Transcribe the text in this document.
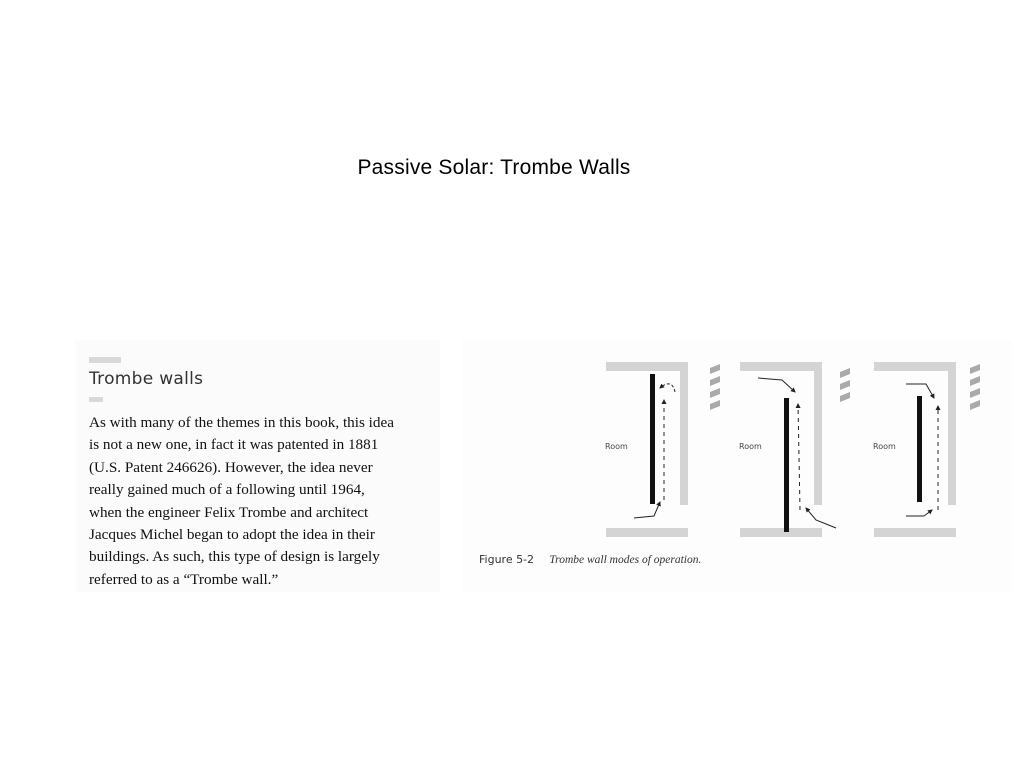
Passive Solar: Trombe Walls
Trombe walls
As with many of the themes in this book, this idea
is not a new one, in fact it was patented in 1881
(U.S. Patent 246626). However, the idea never
really gained much of a following until 1964,
when the engineer Felix Trombe and architect
Jacques Michel began to adopt the idea in their
buildings. As such, this type of design is largely
referred to as a “Trombe wall.”
Room	Room	Room
Figure 5-2 Trombe wall modes of operation.
